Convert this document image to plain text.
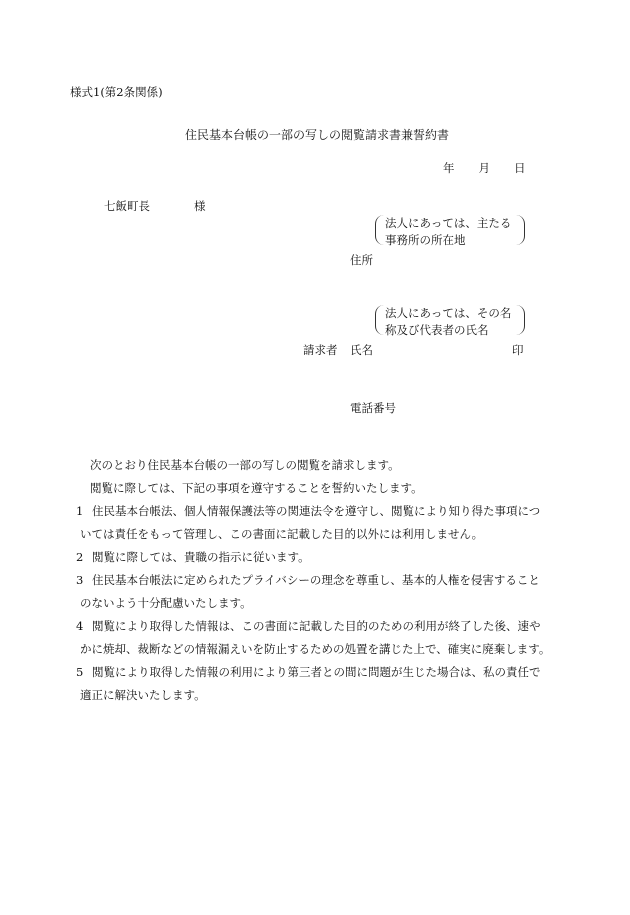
様式1(第2条関係)
住民基本台帳の一部の写しの閲覧請求書兼誓約書
年 月 日
七飯町長	様
法人にあっては、主たる
事務所の所在地
住所
法人にあっては、その名
称及び代表者の氏名
請求者 氏名	印
電話番号
次のとおり住民基本台帳の一部の写しの閲覧を請求します。
閲覧に際しては、下記の事項を遵守することを誓約いたします。
1 住民基本台帳法、個人情報保護法等の関連法令を遵守し、閲覧により知り得た事項につ
いては責任をもって管理し、この書面に記載した目的以外には利用しません。
2 閲覧に際しては、貴職の指示に従います。
3 住民基本台帳法に定められたプライバシーの理念を尊重し、基本的人権を侵害すること
のないよう十分配慮いたします。
4 閲覧により取得した情報は、この書面に記載した目的のための利用が終了した後、速や
かに焼却、裁断などの情報漏えいを防止するための処置を講じた上で、確実に廃棄します。
5 閲覧により取得した情報の利用により第三者との間に問題が生じた場合は、私の責任で
適正に解決いたします。
